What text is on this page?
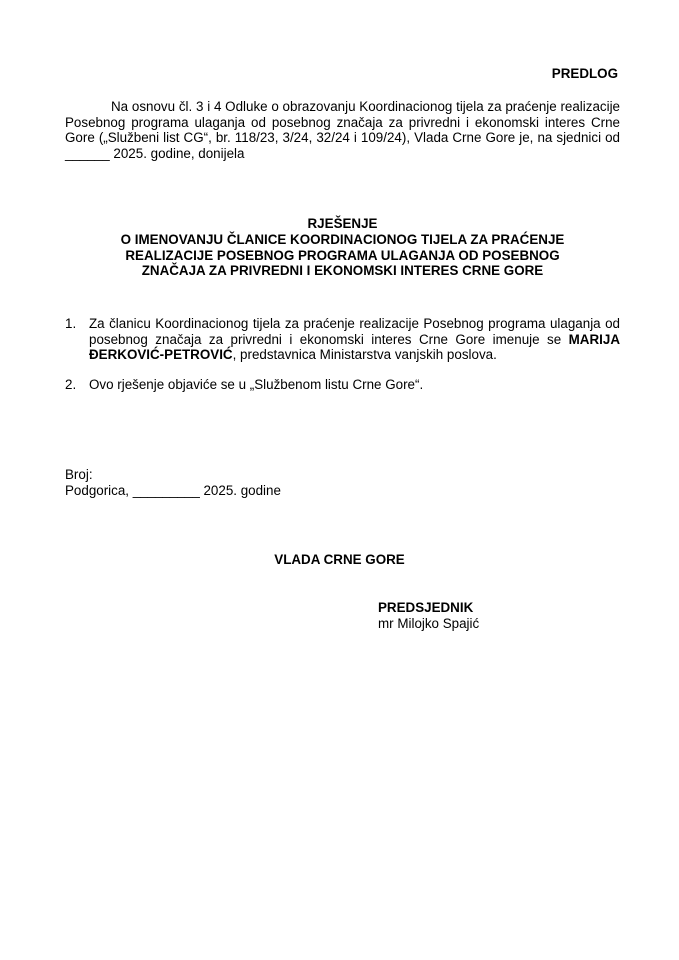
PREDLOG

Na osnovu čl. 3 i 4 Odluke o obrazovanju Koordinacionog tijela za praćenje realizacije Posebnog programa ulaganja od posebnog značaja za privredni i ekonomski interes Crne Gore („Službeni list CG“, br. 118/23, 3/24, 32/24 i 109/24), Vlada Crne Gore je, na sjednici od ______ 2025. godine, donijela

RJEŠENJE
O IMENOVANJU ČLANICE KOORDINACIONOG TIJELA ZA PRAĆENJE
REALIZACIJE POSEBNOG PROGRAMA ULAGANJA OD POSEBNOG
ZNAČAJA ZA PRIVREDNI I EKONOMSKI INTERES CRNE GORE
1. Za članicu Koordinacionog tijela za praćenje realizacije Posebnog programa ulaganja od posebnog značaja za privredni i ekonomski interes Crne Gore imenuje se MARIJA ĐERKOVIĆ-PETROVIĆ, predstavnica Ministarstva vanjskih poslova.
2. Ovo rješenje objaviće se u „Službenom listu Crne Gore“.
Broj:
Podgorica, _________ 2025. godine
VLADA CRNE GORE
PREDSJEDNIK
mr Milojko Spajić
